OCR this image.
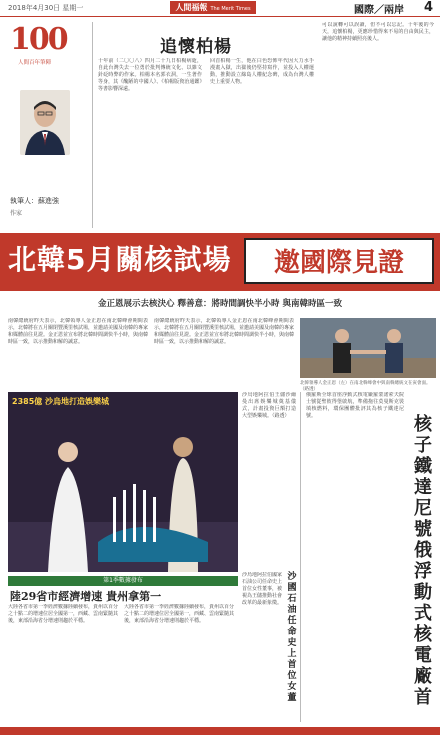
2018年4月30日 星期一	人間福報 The Merit Times	國際／兩岸 4
100
人間百年筆陣
執筆人：蘇進強
作家
追懷柏楊
十年前（二〇〇八）四月二十九日柏楊病逝，自此台灣失去一位勇於批判傳統文化、以雜文針砭時弊的作家。柏楊本名郭衣洞，一生著作等身，其《醜陋的中國人》、《柏楊版資治通鑑》等書影響深遠。
回首柏楊一生，他在白色恐怖年代因大力水手漫畫入獄，出獄後仍堅持寫作，並投入人權運動，推動設立綠島人權紀念碑，成為台灣人權史上重要人物。
可以說轉可以誤讀，但不可以忘記。十年後的今天，追懷柏楊，更應珍惜得來不易的自由與民主，讓他的精神持續照亮後人。
北韓5月關核試場	邀國際見證
金正恩展示去核決心 釋善意：將時間調快半小時 與南韓時區一致
南韓總統府昨天表示，北韓領導人金正恩在南北韓峰會期間表示，北韓將在五月關閉豐溪里核試場，並邀請美國及南韓的專家和媒體前往見證。金正恩並宣布將北韓時間調快半小時，與南韓時區一致，以示推動和解的誠意。
南韓總統府昨天表示，北韓領導人金正恩在南北韓峰會期間表示，北韓將在五月關閉豐溪里核試場，並邀請美國及南韓的專家和媒體前往見證。金正恩並宣布將北韓時間調快半小時，與南韓時區一致，以示推動和解的誠意。
北韓領導人金正恩（左）在南北韓峰會中與南韓總統文在寅會面。（路透）
2385億 沙烏地打造娛樂城
俄羅斯全球首座浮動式核電廠羅蒙諾索夫院士號從聖彼得堡啟航，準備拖往莫曼斯克裝填核燃料，環保團體批評其為核子鐵達尼號。	核
子
鐵
達
尼
號
俄
浮
動
式
核
電
廠
首
沙烏地阿拉伯王儲沙爾曼出席娛樂城奠基儀式，計畫投資巨額打造大型娛樂城。（路透）
第1季數據發布
陸29省市經濟增速 貴州拿第一
大陸各省市第一季經濟數據陸續發布，貴州以百分之十點二的增速位居全國第一，西藏、雲南緊隨其後，東部沿海省分增速則趨於平穩。
大陸各省市第一季經濟數據陸續發布，貴州以百分之十點二的增速位居全國第一，西藏、雲南緊隨其後，東部沿海省分增速則趨於平穩。
沙
國
石
油
任
命
史
上
首
位
女
董
沙烏地阿拉伯國家石油公司任命史上首位女性董事，被視為王儲推動社會改革的最新象徵。
